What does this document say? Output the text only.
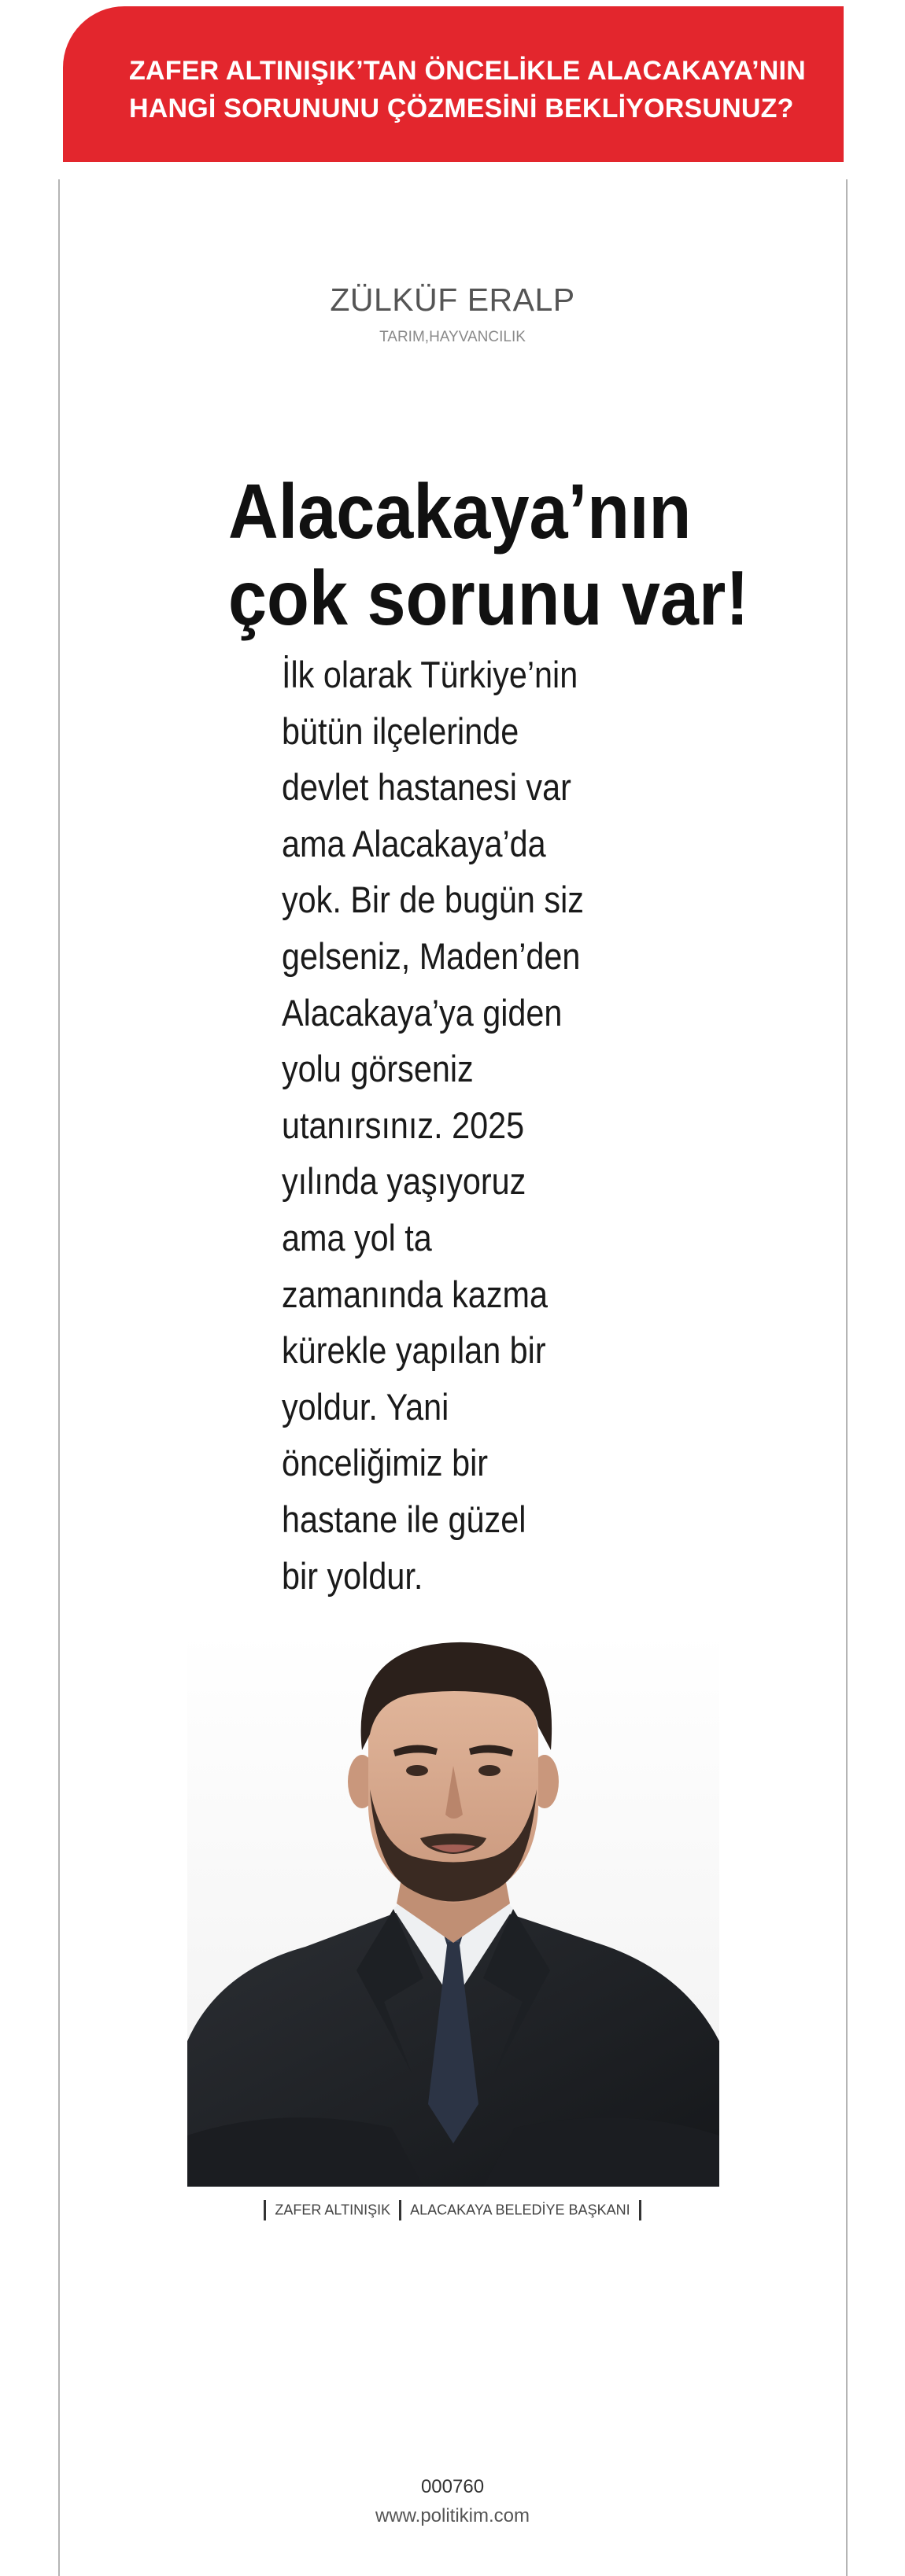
ZAFER ALTINIŞIK’TAN ÖNCELİKLE ALACAKAYA’NIN
HANGİ SORUNUNU ÇÖZMESİNİ BEKLİYORSUNUZ?
ZÜLKÜF ERALP
TARIM,HAYVANCILIK
Alacakaya’nın
çok sorunu var!
İlk olarak Türkiye’nin
bütün ilçelerinde
devlet hastanesi var
ama Alacakaya’da
yok. Bir de bugün siz
gelseniz, Maden’den
Alacakaya’ya giden
yolu görseniz
utanırsınız. 2025
yılında yaşıyoruz
ama yol ta
zamanında kazma
kürekle yapılan bir
yoldur. Yani
önceliğimiz bir
hastane ile güzel
bir yoldur.
ZAFER ALTINIŞIK ALACAKAYA BELEDİYE BAŞKANI
000760
www.politikim.com
